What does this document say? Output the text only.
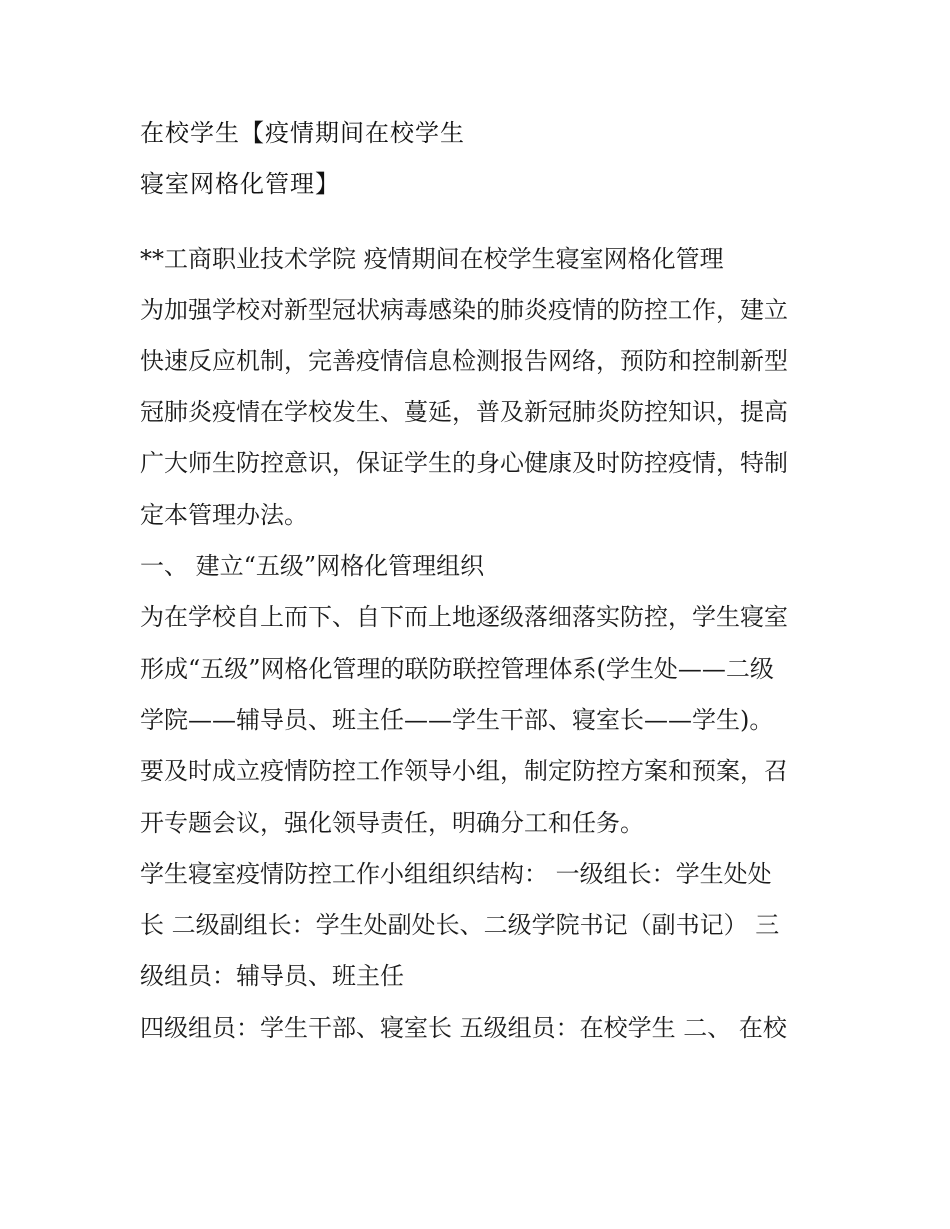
在校学生【疫情期间在校学生
寝室网格化管理】
**工商职业技术学院 疫情期间在校学生寝室网格化管理
为加强学校对新型冠状病毒感染的肺炎疫情的防控工作，建立
快速反应机制，完善疫情信息检测报告网络，预防和控制新型
冠肺炎疫情在学校发生、蔓延，普及新冠肺炎防控知识，提高
广大师生防控意识，保证学生的身心健康及时防控疫情，特制
定本管理办法。
一、 建立“五级”网格化管理组织
为在学校自上而下、自下而上地逐级落细落实防控，学生寝室
形成“五级”网格化管理的联防联控管理体系(学生处——二级
学院——辅导员、班主任——学生干部、寝室长——学生)。
要及时成立疫情防控工作领导小组，制定防控方案和预案，召
开专题会议，强化领导责任，明确分工和任务。
学生寝室疫情防控工作小组组织结构： 一级组长：学生处处
长 二级副组长：学生处副处长、二级学院书记（副书记） 三
级组员：辅导员、班主任
四级组员：学生干部、寝室长 五级组员：在校学生 二、 在校
